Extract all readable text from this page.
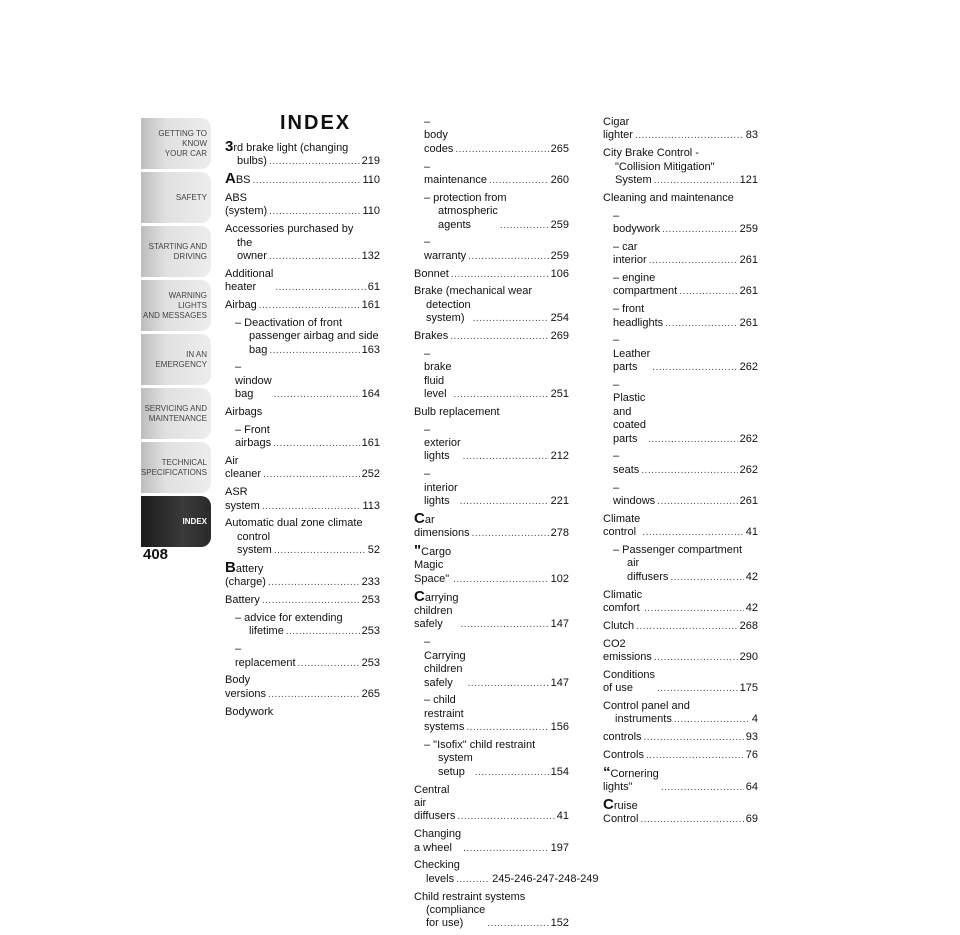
GETTING TO KNOW
YOUR CAR
SAFETY
STARTING AND
DRIVING
WARNING LIGHTS
AND MESSAGES
IN AN EMERGENCY
SERVICING AND
MAINTENANCE
TECHNICAL
SPECIFICATIONS
INDEX
408
INDEX
3rd brake light (changing
bulbs) .....	219
ABS .....	110
ABS (system) .....	110
Accessories purchased by
the owner .....	132
Additional heater .....	61
Airbag .....	161
– Deactivation of front
passenger airbag and side
bag .....	163
– window bag .....	164
Airbags
– Front airbags .....	161
Air cleaner .....	252
ASR system .....	113
Automatic dual zone climate
control system .....	52
Battery (charge) .....	233
Battery .....	253
– advice for extending
lifetime .....	253
– replacement .....	253
Body versions .....	265
Bodywork
– body codes .....	265
– maintenance .....	260
– protection from
atmospheric agents .....	259
– warranty .....	259
Bonnet .....	106
Brake (mechanical wear
detection system) .....	254
Brakes .....	269
– brake fluid level .....	251
Bulb replacement
– exterior lights .....	212
– interior lights .....	221
Car dimensions .....	278
"Cargo Magic Space" .....	102
Carrying children safely .....	147
– Carrying children safely .....	147
– child restraint systems .....	156
– "Isofix" child restraint
system setup .....	154
Central air diffusers .....	41
Changing a wheel .....	197
Checking
levels .....	245-246-247-248-249
Child restraint systems
(compliance for use) .....	152
Cigar lighter .....	83
City Brake Control -
"Collision Mitigation"
System .....	121
Cleaning and maintenance
– bodywork .....	259
– car interior .....	261
– engine compartment .....	261
– front headlights .....	261
– Leather parts .....	262
– Plastic and coated parts .....	262
– seats .....	262
– windows .....	261
Climate control .....	41
– Passenger compartment
air diffusers .....	42
Climatic comfort .....	42
Clutch .....	268
CO2 emissions .....	290
Conditions of use .....	175
Control panel and
instruments .....	4
controls .....	93
Controls .....	76
“Cornering lights” .....	64
Cruise Control .....	69
